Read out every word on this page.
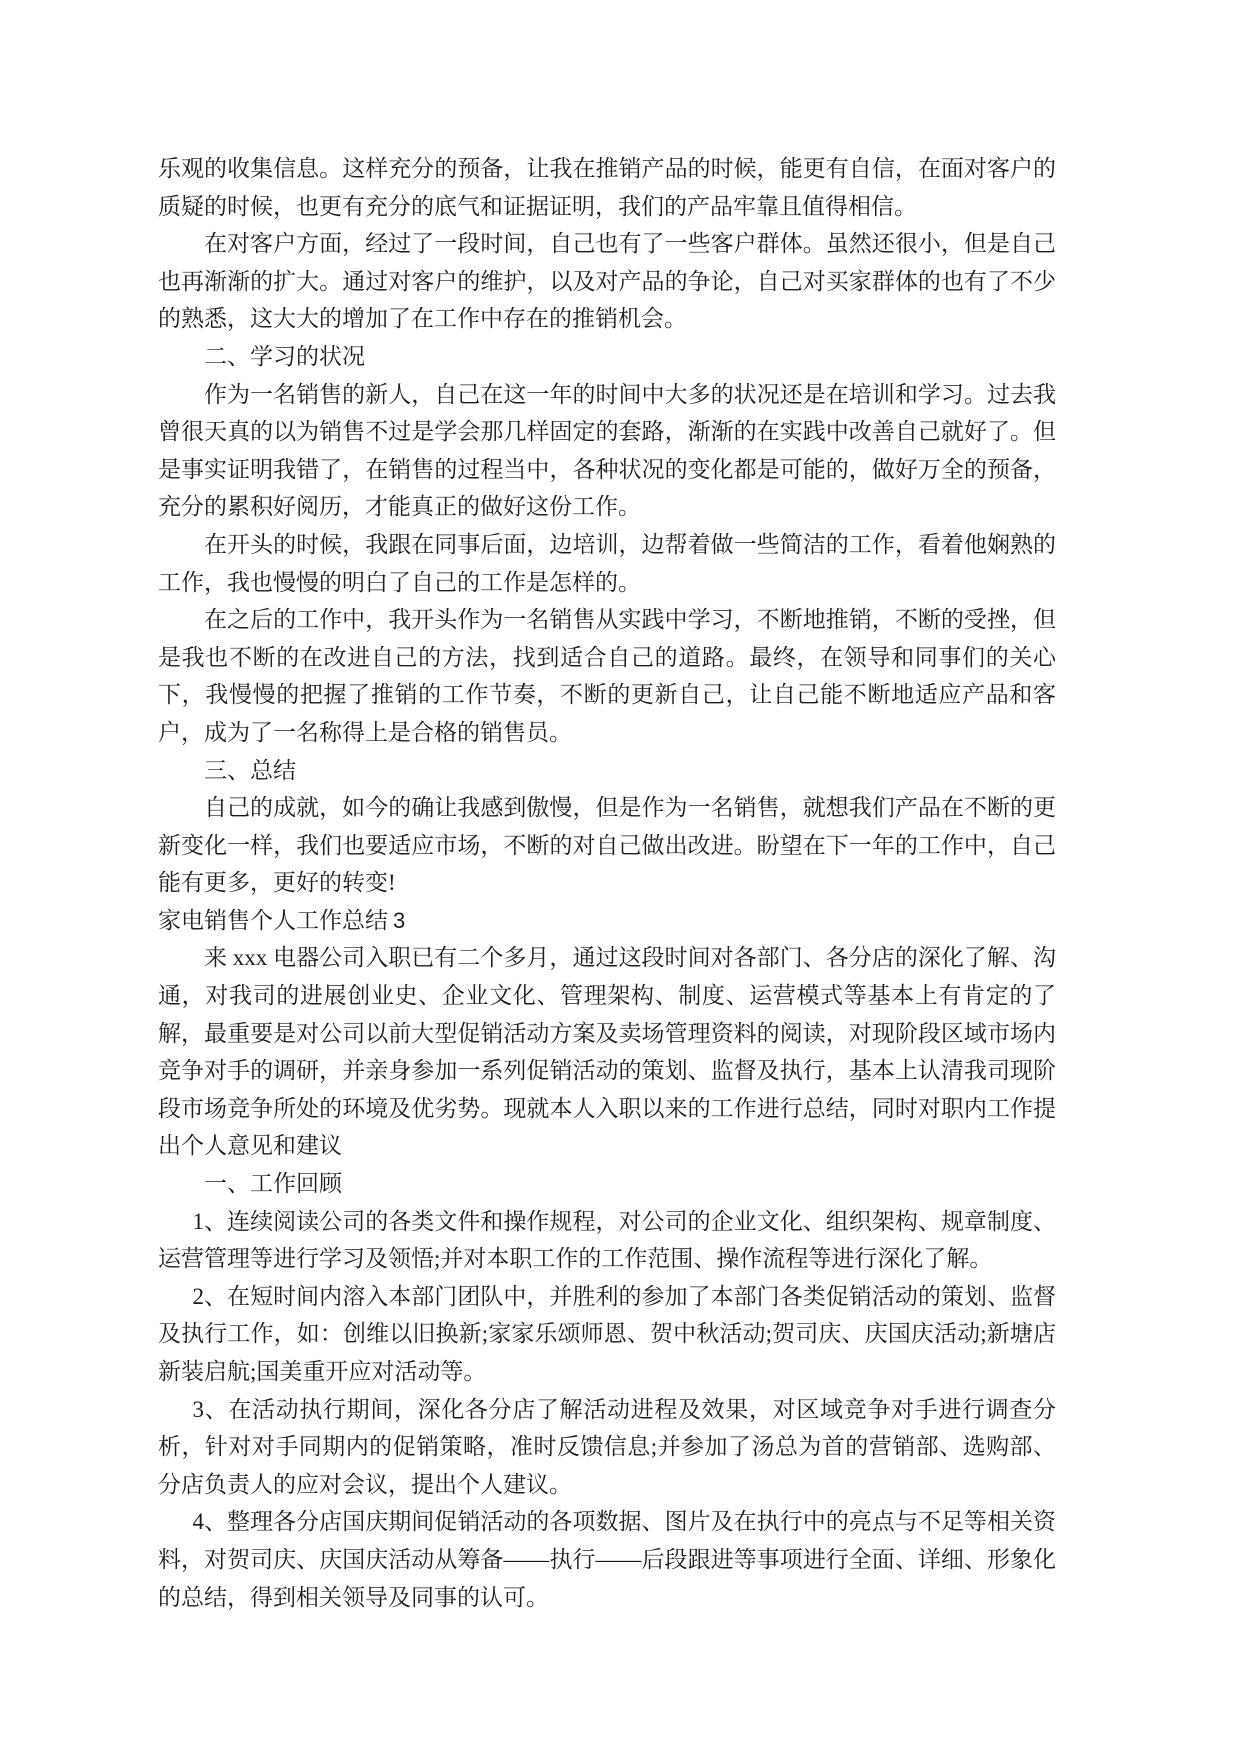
乐观的收集信息。这样充分的预备，让我在推销产品的时候，能更有自信，在面对客户的质疑的时候，也更有充分的底气和证据证明，我们的产品牢靠且值得相信。

在对客户方面，经过了一段时间，自己也有了一些客户群体。虽然还很小，但是自己也再渐渐的扩大。通过对客户的维护，以及对产品的争论，自己对买家群体的也有了不少的熟悉，这大大的增加了在工作中存在的推销机会。

二、学习的状况

作为一名销售的新人，自己在这一年的时间中大多的状况还是在培训和学习。过去我曾很天真的以为销售不过是学会那几样固定的套路，渐渐的在实践中改善自己就好了。但是事实证明我错了，在销售的过程当中，各种状况的变化都是可能的，做好万全的预备，充分的累积好阅历，才能真正的做好这份工作。

在开头的时候，我跟在同事后面，边培训，边帮着做一些简洁的工作，看着他娴熟的工作，我也慢慢的明白了自己的工作是怎样的。

在之后的工作中，我开头作为一名销售从实践中学习，不断地推销，不断的受挫，但是我也不断的在改进自己的方法，找到适合自己的道路。最终，在领导和同事们的关心下，我慢慢的把握了推销的工作节奏，不断的更新自己，让自己能不断地适应产品和客户，成为了一名称得上是合格的销售员。

三、总结

自己的成就，如今的确让我感到傲慢，但是作为一名销售，就想我们产品在不断的更新变化一样，我们也要适应市场，不断的对自己做出改进。盼望在下一年的工作中，自己能有更多，更好的转变!

家电销售个人工作总结 3

来 xxx 电器公司入职已有二个多月，通过这段时间对各部门、各分店的深化了解、沟通，对我司的进展创业史、企业文化、管理架构、制度、运营模式等基本上有肯定的了解，最重要是对公司以前大型促销活动方案及卖场管理资料的阅读，对现阶段区域市场内竞争对手的调研，并亲身参加一系列促销活动的策划、监督及执行，基本上认清我司现阶段市场竞争所处的环境及优劣势。现就本人入职以来的工作进行总结，同时对职内工作提出个人意见和建议

一、工作回顾

1、连续阅读公司的各类文件和操作规程，对公司的企业文化、组织架构、规章制度、运营管理等进行学习及领悟;并对本职工作的工作范围、操作流程等进行深化了解。

2、在短时间内溶入本部门团队中，并胜利的参加了本部门各类促销活动的策划、监督及执行工作，如：创维以旧换新;家家乐颂师恩、贺中秋活动;贺司庆、庆国庆活动;新塘店新装启航;国美重开应对活动等。

3、在活动执行期间，深化各分店了解活动进程及效果，对区域竞争对手进行调查分析，针对对手同期内的促销策略，准时反馈信息;并参加了汤总为首的营销部、选购部、分店负责人的应对会议，提出个人建议。

4、整理各分店国庆期间促销活动的各项数据、图片及在执行中的亮点与不足等相关资料，对贺司庆、庆国庆活动从筹备——执行——后段跟进等事项进行全面、详细、形象化的总结，得到相关领导及同事的认可。
